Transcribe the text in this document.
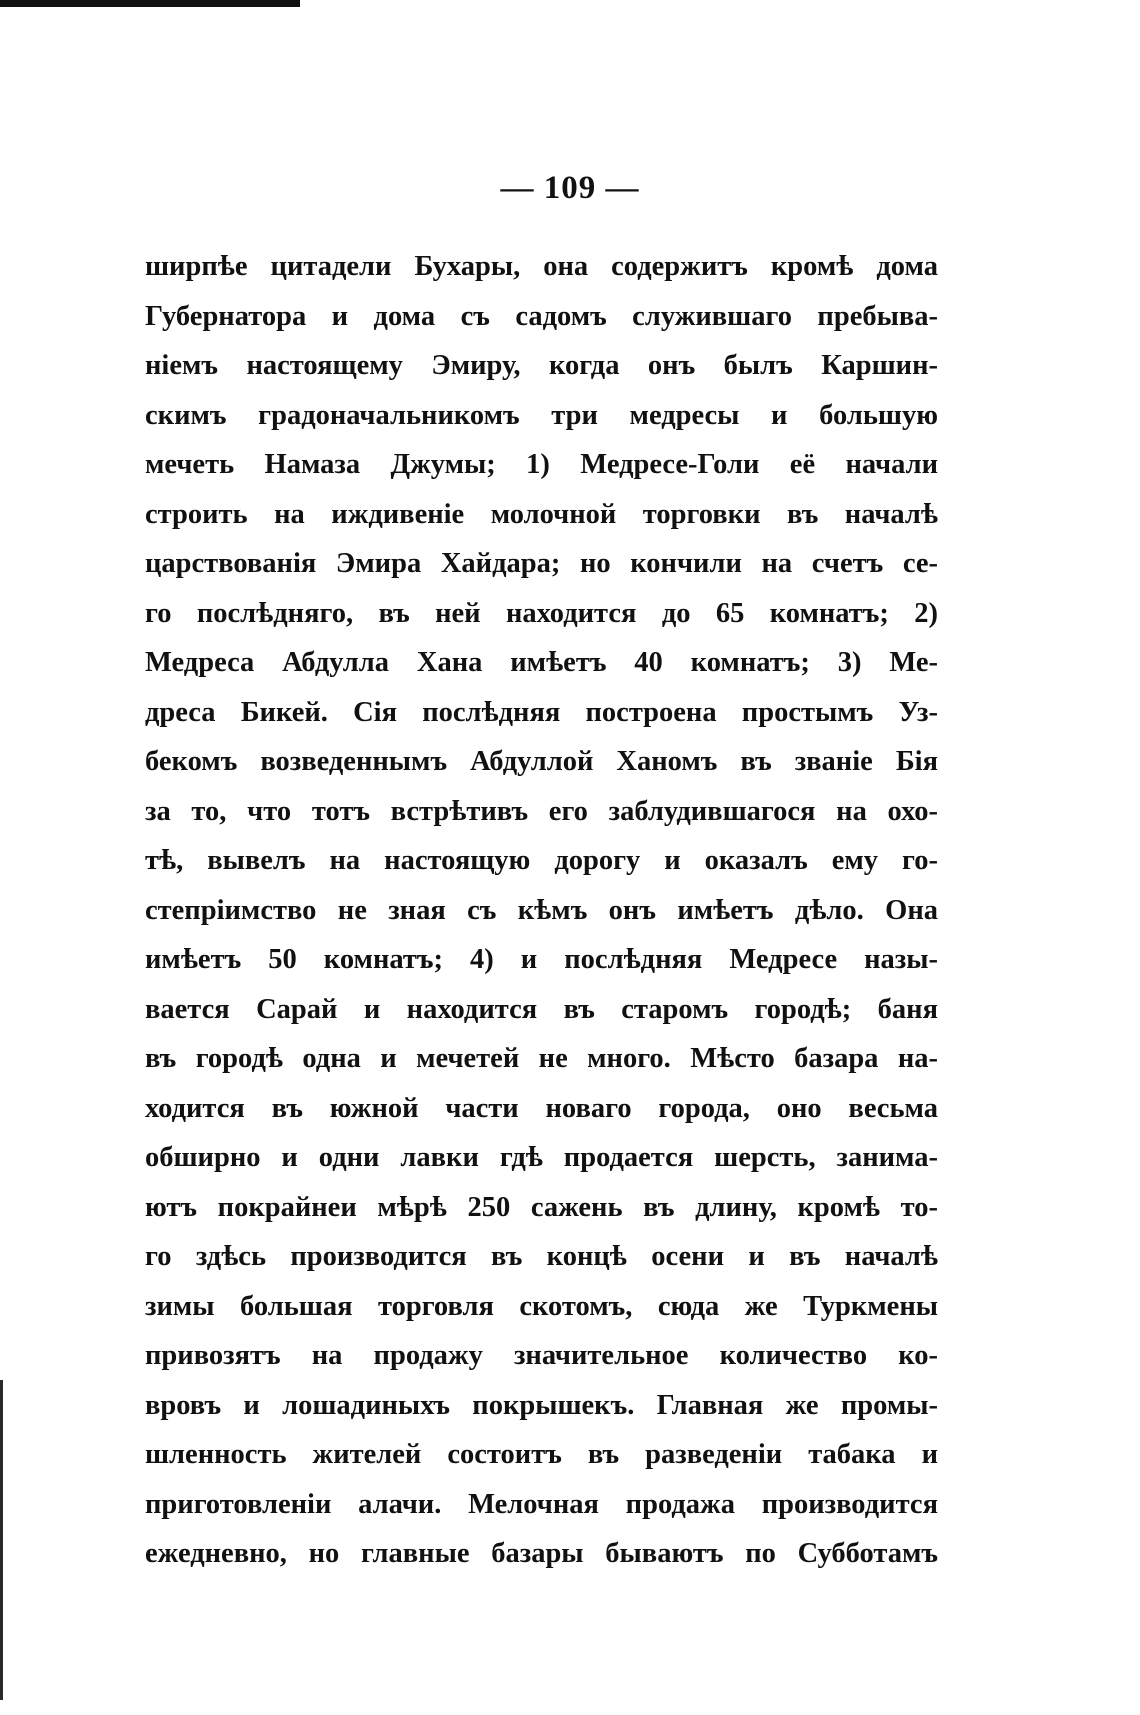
— 109 —
ширпѣе цитадели Бухары, она содержитъ кромѣ дома
Губернатора и дома съ садомъ служившаго пребыва-
ніемъ настоящему Эмиру, когда онъ былъ Каршин-
скимъ градоначальникомъ три медресы и большую
мечеть Намаза Джумы; 1) Медресе-Голи её начали
строить на иждивеніе молочной торговки въ началѣ
царствованія Эмира Хайдара; но кончили на счетъ се-
го послѣдняго, въ ней находится до 65 комнатъ; 2)
Медреса Абдулла Хана имѣетъ 40 комнатъ; 3) Ме-
дреса Бикей. Сія послѣдняя построена простымъ Уз-
бекомъ возведеннымъ Абдуллой Ханомъ въ званіе Бія
за то, что тотъ встрѣтивъ его заблудившагося на охо-
тѣ, вывелъ на настоящую дорогу и оказалъ ему го-
степріимство не зная съ кѣмъ онъ имѣетъ дѣло. Она
имѣетъ 50 комнатъ; 4) и послѣдняя Медресе назы-
вается Сарай и находится въ старомъ городѣ; баня
въ городѣ одна и мечетей не много. Мѣсто базара на-
ходится въ южной части новаго города, оно весьма
обширно и одни лавки гдѣ продается шерсть, занима-
ютъ покрайнеи мѣрѣ 250 сажень въ длину, кромѣ то-
го здѣсь производится въ концѣ осени и въ началѣ
зимы большая торговля скотомъ, сюда же Туркмены
привозятъ на продажу значительное количество ко-
вровъ и лошадиныхъ покрышекъ. Главная же промы-
шленность жителей состоитъ въ разведеніи табака и
приготовленіи алачи. Мелочная продажа производится
ежедневно, но главные базары бываютъ по Субботамъ
